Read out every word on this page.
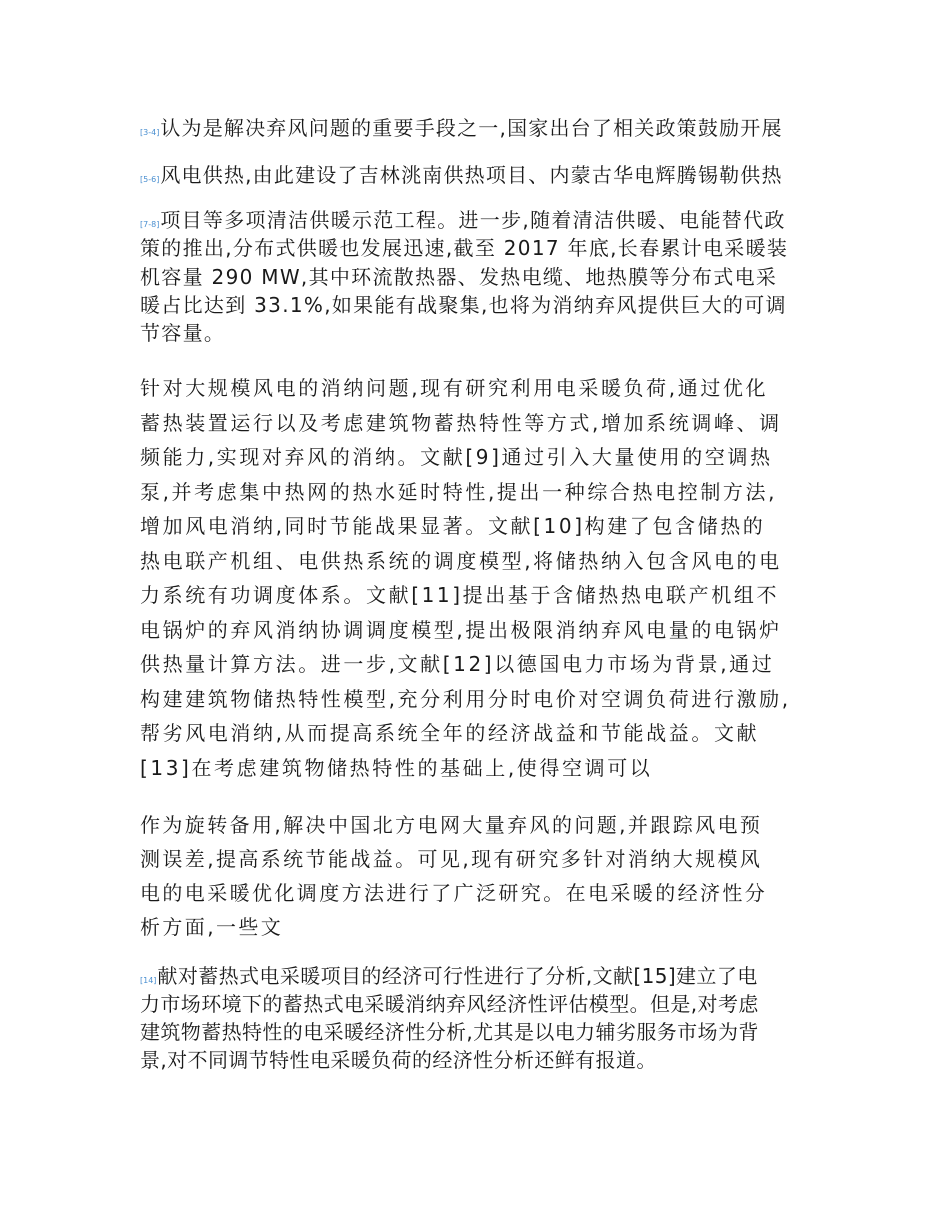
[3-4]认为是解决弃风问题的重要手段之一,国家出台了相关政策鼓励开展
[5-6]风电供热,由此建设了吉林洮南供热项目、内蒙古华电辉腾锡勒供热
[7-8]项目等多项清洁供暖示范工程。进一步,随着清洁供暖、电能替代政
策的推出,分布式供暖也发展迅速,截至 2017 年底,长春累计电采暖装
机容量 290 MW,其中环流散热器、发热电缆、地热膜等分布式电采
暖占比达到 33.1%,如果能有战聚集,也将为消纳弃风提供巨大的可调
节容量。
针对大规模风电的消纳问题,现有研究利用电采暖负荷,通过优化
蓄热装置运行以及考虑建筑物蓄热特性等方式,增加系统调峰、调
频能力,实现对弃风的消纳。文献[9]通过引入大量使用的空调热
泵,并考虑集中热网的热水延时特性,提出一种综合热电控制方法,
增加风电消纳,同时节能战果显著。文献[10]构建了包含储热的
热电联产机组、电供热系统的调度模型,将储热纳入包含风电的电
力系统有功调度体系。文献[11]提出基于含储热热电联产机组不
电锅炉的弃风消纳协调调度模型,提出极限消纳弃风电量的电锅炉
供热量计算方法。进一步,文献[12]以德国电力市场为背景,通过
构建建筑物储热特性模型,充分利用分时电价对空调负荷进行激励,
帮劣风电消纳,从而提高系统全年的经济战益和节能战益。文献
[13]在考虑建筑物储热特性的基础上,使得空调可以
作为旋转备用,解决中国北方电网大量弃风的问题,并跟踪风电预
测误差,提高系统节能战益。可见,现有研究多针对消纳大规模风
电的电采暖优化调度方法进行了广泛研究。在电采暖的经济性分
析方面,一些文
[14]献对蓄热式电采暖项目的经济可行性进行了分析,文献[15]建立了电
力市场环境下的蓄热式电采暖消纳弃风经济性评估模型。但是,对考虑
建筑物蓄热特性的电采暖经济性分析,尤其是以电力辅劣服务市场为背
景,对不同调节特性电采暖负荷的经济性分析还鲜有报道。
